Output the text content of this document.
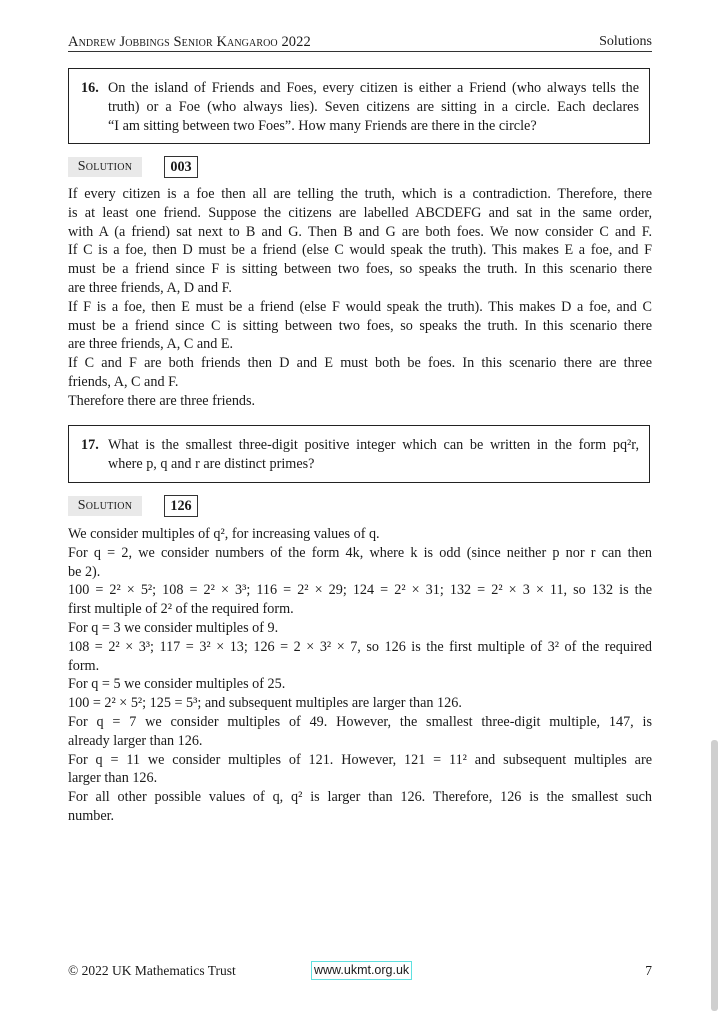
Andrew Jobbings Senior Kangaroo 2022	Solutions
16. On the island of Friends and Foes, every citizen is either a Friend (who always tells the
truth) or a Foe (who always lies). Seven citizens are sitting in a circle. Each declares
“I am sitting between two Foes”. How many Friends are there in the circle?
Solution	003
If every citizen is a foe then all are telling the truth, which is a contradiction. Therefore, there
is at least one friend. Suppose the citizens are labelled ABCDEFG and sat in the same order,
with A (a friend) sat next to B and G. Then B and G are both foes. We now consider C and F.
If C is a foe, then D must be a friend (else C would speak the truth). This makes E a foe, and F
must be a friend since F is sitting between two foes, so speaks the truth. In this scenario there
are three friends, A, D and F.
If F is a foe, then E must be a friend (else F would speak the truth). This makes D a foe, and C
must be a friend since C is sitting between two foes, so speaks the truth. In this scenario there
are three friends, A, C and E.
If C and F are both friends then D and E must both be foes. In this scenario there are three
friends, A, C and F.
Therefore there are three friends.
17. What is the smallest three-digit positive integer which can be written in the form pq²r,
where p, q and r are distinct primes?
Solution	126
We consider multiples of q², for increasing values of q.
For q = 2, we consider numbers of the form 4k, where k is odd (since neither p nor r can then
be 2).
100 = 2² × 5²; 108 = 2² × 3³; 116 = 2² × 29; 124 = 2² × 31; 132 = 2² × 3 × 11, so 132 is the
first multiple of 2² of the required form.
For q = 3 we consider multiples of 9.
108 = 2² × 3³; 117 = 3² × 13; 126 = 2 × 3² × 7, so 126 is the first multiple of 3² of the required
form.
For q = 5 we consider multiples of 25.
100 = 2² × 5²; 125 = 5³; and subsequent multiples are larger than 126.
For q = 7 we consider multiples of 49. However, the smallest three-digit multiple, 147, is
already larger than 126.
For q = 11 we consider multiples of 121. However, 121 = 11² and subsequent multiples are
larger than 126.
For all other possible values of q, q² is larger than 126. Therefore, 126 is the smallest such
number.
© 2022 UK Mathematics Trust	www.ukmt.org.uk	7
